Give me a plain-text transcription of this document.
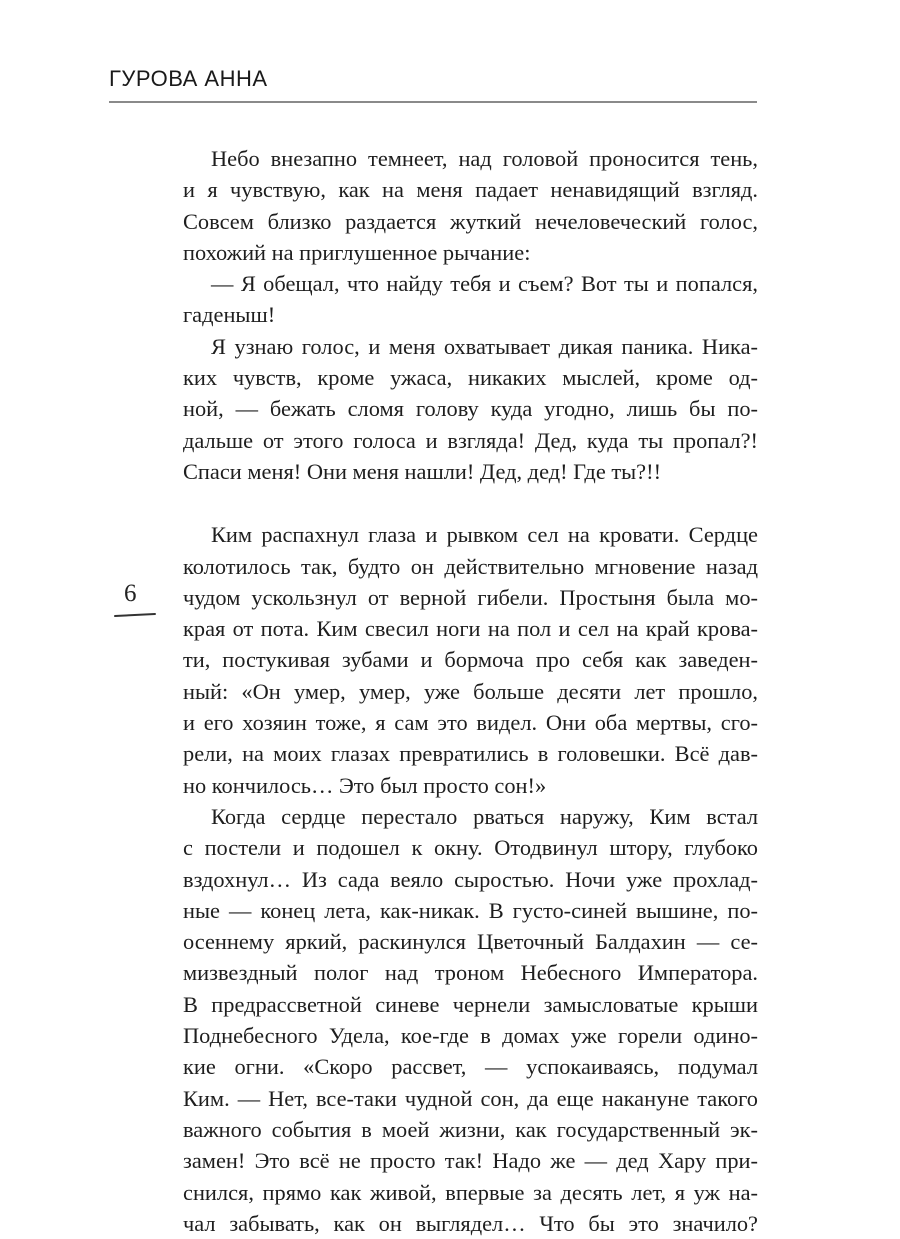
ГУРОВА АННА
6

Небо внезапно темнеет, над головой проносится тень,
и я чувствую, как на меня падает ненавидящий взгляд.
Совсем близко раздается жуткий нечеловеческий голос,
похожий на приглушенное рычание:

— Я обещал, что найду тебя и съем? Вот ты и попался,
гаденыш!

Я узнаю голос, и меня охватывает дикая паника. Ника-
ких чувств, кроме ужаса, никаких мыслей, кроме од-
ной, — бежать сломя голову куда угодно, лишь бы по-
дальше от этого голоса и взгляда! Дед, куда ты пропал?!
Спаси меня! Они меня нашли! Дед, дед! Где ты?!!

Ким распахнул глаза и рывком сел на кровати. Сердце
колотилось так, будто он действительно мгновение назад
чудом ускользнул от верной гибели. Простыня была мо-
края от пота. Ким свесил ноги на пол и сел на край крова-
ти, постукивая зубами и бормоча про себя как заведен-
ный: «Он умер, умер, уже больше десяти лет прошло,
и его хозяин тоже, я сам это видел. Они оба мертвы, сго-
рели, на моих глазах превратились в головешки. Всё дав-
но кончилось… Это был просто сон!»

Когда сердце перестало рваться наружу, Ким встал
с постели и подошел к окну. Отодвинул штору, глубоко
вздохнул… Из сада веяло сыростью. Ночи уже прохлад-
ные — конец лета, как-никак. В густо-синей вышине, по-
осеннему яркий, раскинулся Цветочный Балдахин — се-
мизвездный полог над троном Небесного Императора.
В предрассветной синеве чернели замысловатые крыши
Поднебесного Удела, кое-где в домах уже горели одино-
кие огни. «Скоро рассвет, — успокаиваясь, подумал
Ким. — Нет, все-таки чудной сон, да еще накануне такого
важного события в моей жизни, как государственный эк-
замен! Это всё не просто так! Надо же — дед Хару при-
снился, прямо как живой, впервые за десять лет, я уж на-
чал забывать, как он выглядел… Что бы это значило?
